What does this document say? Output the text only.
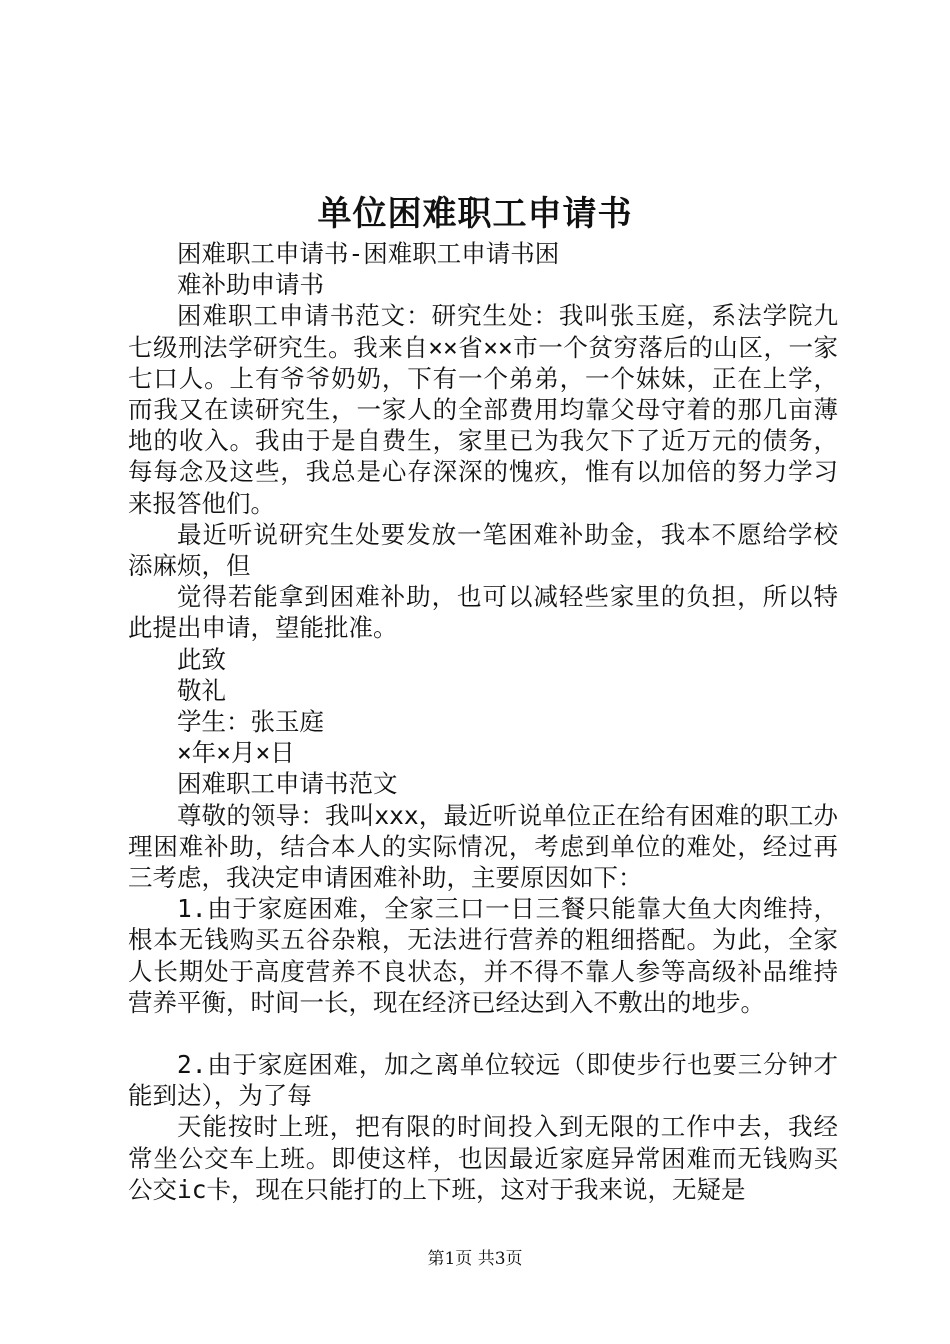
单位困难职工申请书

困难职工申请书-困难职工申请书困

难补助申请书

困难职工申请书范文：研究生处：我叫张玉庭，系法学院九七级刑法学研究生。我来自××省××市一个贫穷落后的山区，一家七口人。上有爷爷奶奶，下有一个弟弟，一个妹妹，正在上学，而我又在读研究生，一家人的全部费用均靠父母守着的那几亩薄地的收入。我由于是自费生，家里已为我欠下了近万元的债务，每每念及这些，我总是心存深深的愧疚，惟有以加倍的努力学习来报答他们。

最近听说研究生处要发放一笔困难补助金，我本不愿给学校添麻烦，但

觉得若能拿到困难补助，也可以减轻些家里的负担，所以特此提出申请，望能批准。

此致

敬礼

学生：张玉庭

×年×月×日

困难职工申请书范文

尊敬的领导：我叫xxx，最近听说单位正在给有困难的职工办理困难补助，结合本人的实际情况，考虑到单位的难处，经过再三考虑，我决定申请困难补助，主要原因如下：

1.由于家庭困难，全家三口一日三餐只能靠大鱼大肉维持，根本无钱购买五谷杂粮，无法进行营养的粗细搭配。为此，全家人长期处于高度营养不良状态，并不得不靠人参等高级补品维持营养平衡，时间一长，现在经济已经达到入不敷出的地步。

2.由于家庭困难，加之离单位较远（即使步行也要三分钟才能到达），为了每

天能按时上班，把有限的时间投入到无限的工作中去，我经常坐公交车上班。即使这样，也因最近家庭异常困难而无钱购买公交ic卡，现在只能打的上下班，这对于我来说，无疑是

第1页 共3页
